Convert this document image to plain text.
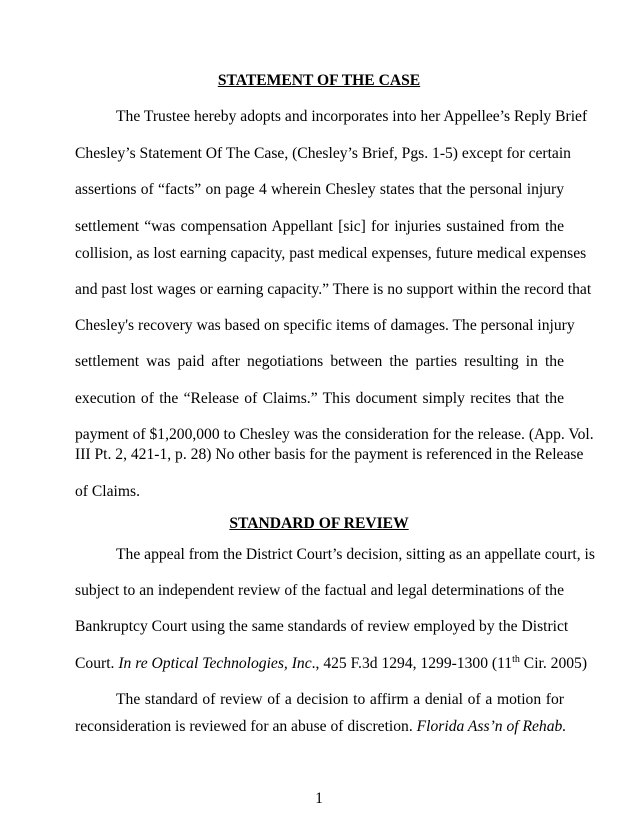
STATEMENT OF THE CASE
The Trustee hereby adopts and incorporates into her Appellee’s Reply Brief
Chesley’s Statement Of The Case, (Chesley’s Brief, Pgs. 1-5) except for certain
assertions of “facts” on page 4 wherein Chesley states that the personal injury
settlement “was compensation Appellant [sic] for injuries sustained from the
collision, as lost earning capacity, past medical expenses, future medical expenses
and past lost wages or earning capacity.” There is no support within the record that
Chesley's recovery was based on specific items of damages. The personal injury
settlement was paid after negotiations between the parties resulting in the
execution of the “Release of Claims.” This document simply recites that the
payment of $1,200,000 to Chesley was the consideration for the release. (App. Vol.
III Pt. 2, 421-1, p. 28) No other basis for the payment is referenced in the Release
of Claims.
STANDARD OF REVIEW
The appeal from the District Court’s decision, sitting as an appellate court, is
subject to an independent review of the factual and legal determinations of the
Bankruptcy Court using the same standards of review employed by the District
Court. In re Optical Technologies, Inc., 425 F.3d 1294, 1299-1300 (11th Cir. 2005)
The standard of review of a decision to affirm a denial of a motion for
reconsideration is reviewed for an abuse of discretion. Florida Ass’n of Rehab.
1
